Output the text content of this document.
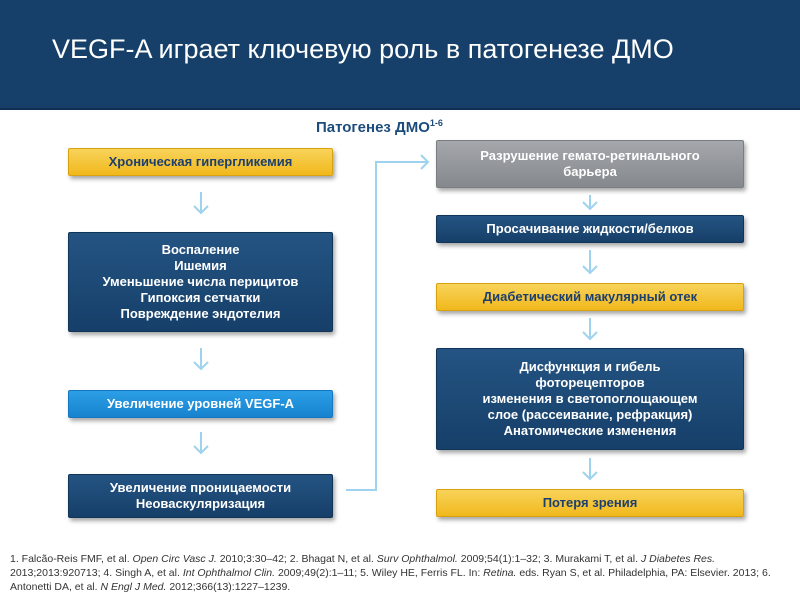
VEGF-A играет ключевую роль в патогенезе ДМО
Патогенез ДМО$^{1-6}$
Хроническая гипергликемия
Воспаление
Ишемия
Уменьшение числа перицитов
Гипоксия сетчатки
Повреждение эндотелия
Увеличение уровней VEGF-A
Увеличение проницаемости
Неоваскуляризация
Разрушение гемато-ретинального
барьера
Просачивание жидкости/белков
Диабетический макулярный отек
Дисфункция и гибель
фоторецепторов
изменения в светопоглощающем
слое (рассеивание, рефракция)
Анатомические изменения
Потеря зрения
1. Falcão-Reis FMF, et al. Open Circ Vasc J. 2010;3:30–42; 2. Bhagat N, et al. Surv Ophthalmol. 2009;54(1):1–32; 3. Murakami T, et al. J Diabetes Res. 2013;2013:920713; 4. Singh A, et al. Int Ophthalmol Clin. 2009;49(2):1–11; 5. Wiley HE, Ferris FL. In: Retina. eds. Ryan S, et al. Philadelphia, PA: Elsevier. 2013; 6. Antonetti DA, et al. N Engl J Med. 2012;366(13):1227–1239.
